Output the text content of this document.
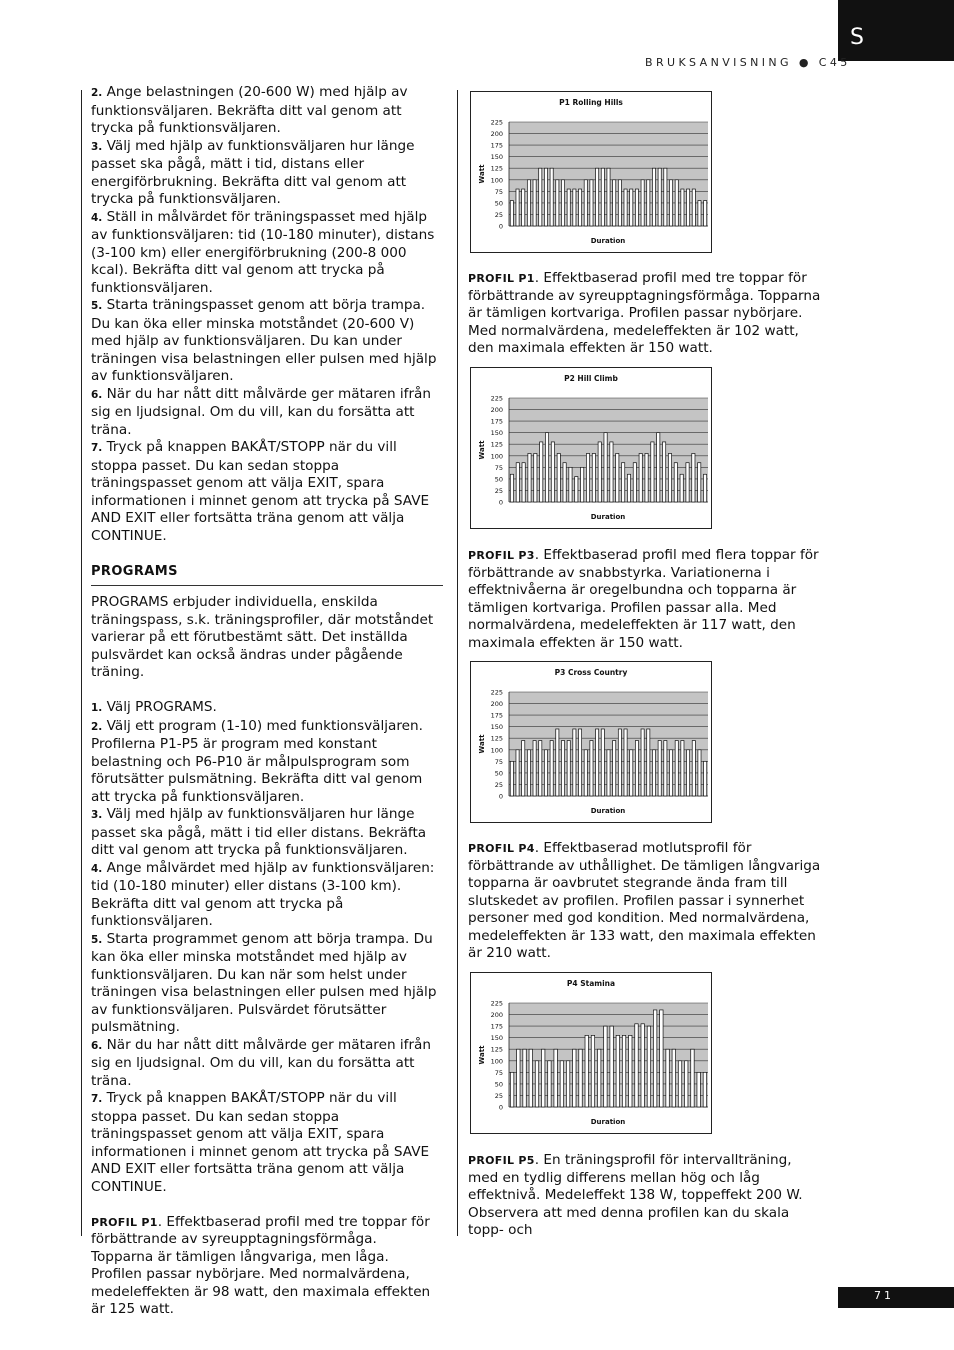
S
BRUKSANVISNING ● C45

2. Ange belastningen (20-600 W) med hjälp av funktionsväljaren. Bekräfta ditt val genom att trycka på funktionsväljaren.

3. Välj med hjälp av funktionsväljaren hur länge passet ska pågå, mätt i tid, distans eller energiförbrukning. Bekräfta ditt val genom att trycka på funktionsväljaren.

4. Ställ in målvärdet för träningspasset med hjälp av funktionsväljaren: tid (10-180 minuter), distans (3-100 km) eller energiförbrukning (200-8 000 kcal). Bekräfta ditt val genom att trycka på funktionsväljaren.

5. Starta träningspasset genom att börja trampa. Du kan öka eller minska motståndet (20-600 V) med hjälp av funktionsväljaren. Du kan under träningen visa belastningen eller pulsen med hjälp av funktionsväljaren.

6. När du har nått ditt målvärde ger mätaren ifrån sig en ljudsignal. Om du vill, kan du forsätta att träna.

7. Tryck på knappen BAKÅT/STOPP när du vill stoppa passet. Du kan sedan stoppa träningspasset genom att välja EXIT, spara informationen i minnet genom att trycka på SAVE AND EXIT eller fortsätta träna genom att välja CONTINUE.

PROGRAMS

PROGRAMS erbjuder individuella, enskilda träningspass, s.k. träningsprofiler, där motståndet varierar på ett förutbestämt sätt. Det inställda pulsvärdet kan också ändras under pågående träning.

1. Välj PROGRAMS.

2. Välj ett program (1-10) med funktionsväljaren. Profilerna P1-P5 är program med konstant belastning och P6-P10 är målpulsprogram som förutsätter pulsmätning. Bekräfta ditt val genom att trycka på funktionsväljaren.

3. Välj med hjälp av funktionsväljaren hur länge passet ska pågå, mätt i tid eller distans. Bekräfta ditt val genom att trycka på funktionsväljaren.

4. Ange målvärdet med hjälp av funktionsväljaren: tid (10-180 minuter) eller distans (3-100 km). Bekräfta ditt val genom att trycka på funktionsväljaren.

5. Starta programmet genom att börja trampa. Du kan öka eller minska motståndet med hjälp av funktionsväljaren. Du kan när som helst under träningen visa belastningen eller pulsen med hjälp av funktionsväljaren. Pulsvärdet förutsätter pulsmätning.

6. När du har nått ditt målvärde ger mätaren ifrån sig en ljudsignal. Om du vill, kan du forsätta att träna.

7. Tryck på knappen BAKÅT/STOPP när du vill stoppa passet. Du kan sedan stoppa träningspasset genom att välja EXIT, spara informationen i minnet genom att trycka på SAVE AND EXIT eller fortsätta träna genom att välja CONTINUE.

PROFIL P1. Effektbaserad profil med tre toppar för förbättrande av syreupptagningsförmåga. Topparna är tämligen långvariga, men låga. Profilen passar nybörjare. Med normalvärdena, medeleffekten är 98 watt, den maximala effekten är 125 watt.

0
25
50
75
100
125
150
175
200
225
P1 Rolling Hills
Duration
Watt
0
25
50
75
100
125
150
175
200
225
P2 Hill Climb
Duration
Watt
0
25
50
75
100
125
150
175
200
225
P3 Cross Country
Duration
Watt
0
25
50
75
100
125
150
175
200
225
P4 Stamina
Duration
Watt

PROFIL P1. Effektbaserad profil med tre toppar för förbättrande av syreupptagningsförmåga. Topparna är tämligen kortvariga. Profilen passar nybörjare. Med normalvärdena, medeleffekten är 102 watt, den maximala effekten är 150 watt.

PROFIL P3. Effektbaserad profil med flera toppar för förbättrande av snabbstyrka. Variationerna i effektnivåerna är oregelbundna och topparna är tämligen kortvariga. Profilen passar alla. Med normalvärdena, medeleffekten är 117 watt, den maximala effekten är 150 watt.

PROFIL P4. Effektbaserad motlutsprofil för förbättrande av uthållighet. De tämligen långvariga topparna är oavbrutet stegrande ända fram till slutskedet av profilen. Profilen passar i synnerhet personer med god kondition. Med normalvärdena, medeleffekten är 133 watt, den maximala effekten är 210 watt.

PROFIL P5. En träningsprofil för intervallträning, med en tydlig differens mellan hög och låg effektnivå. Medeleffekt 138 W, toppeffekt 200 W. Observera att med denna profilen kan du skala topp- och

71
